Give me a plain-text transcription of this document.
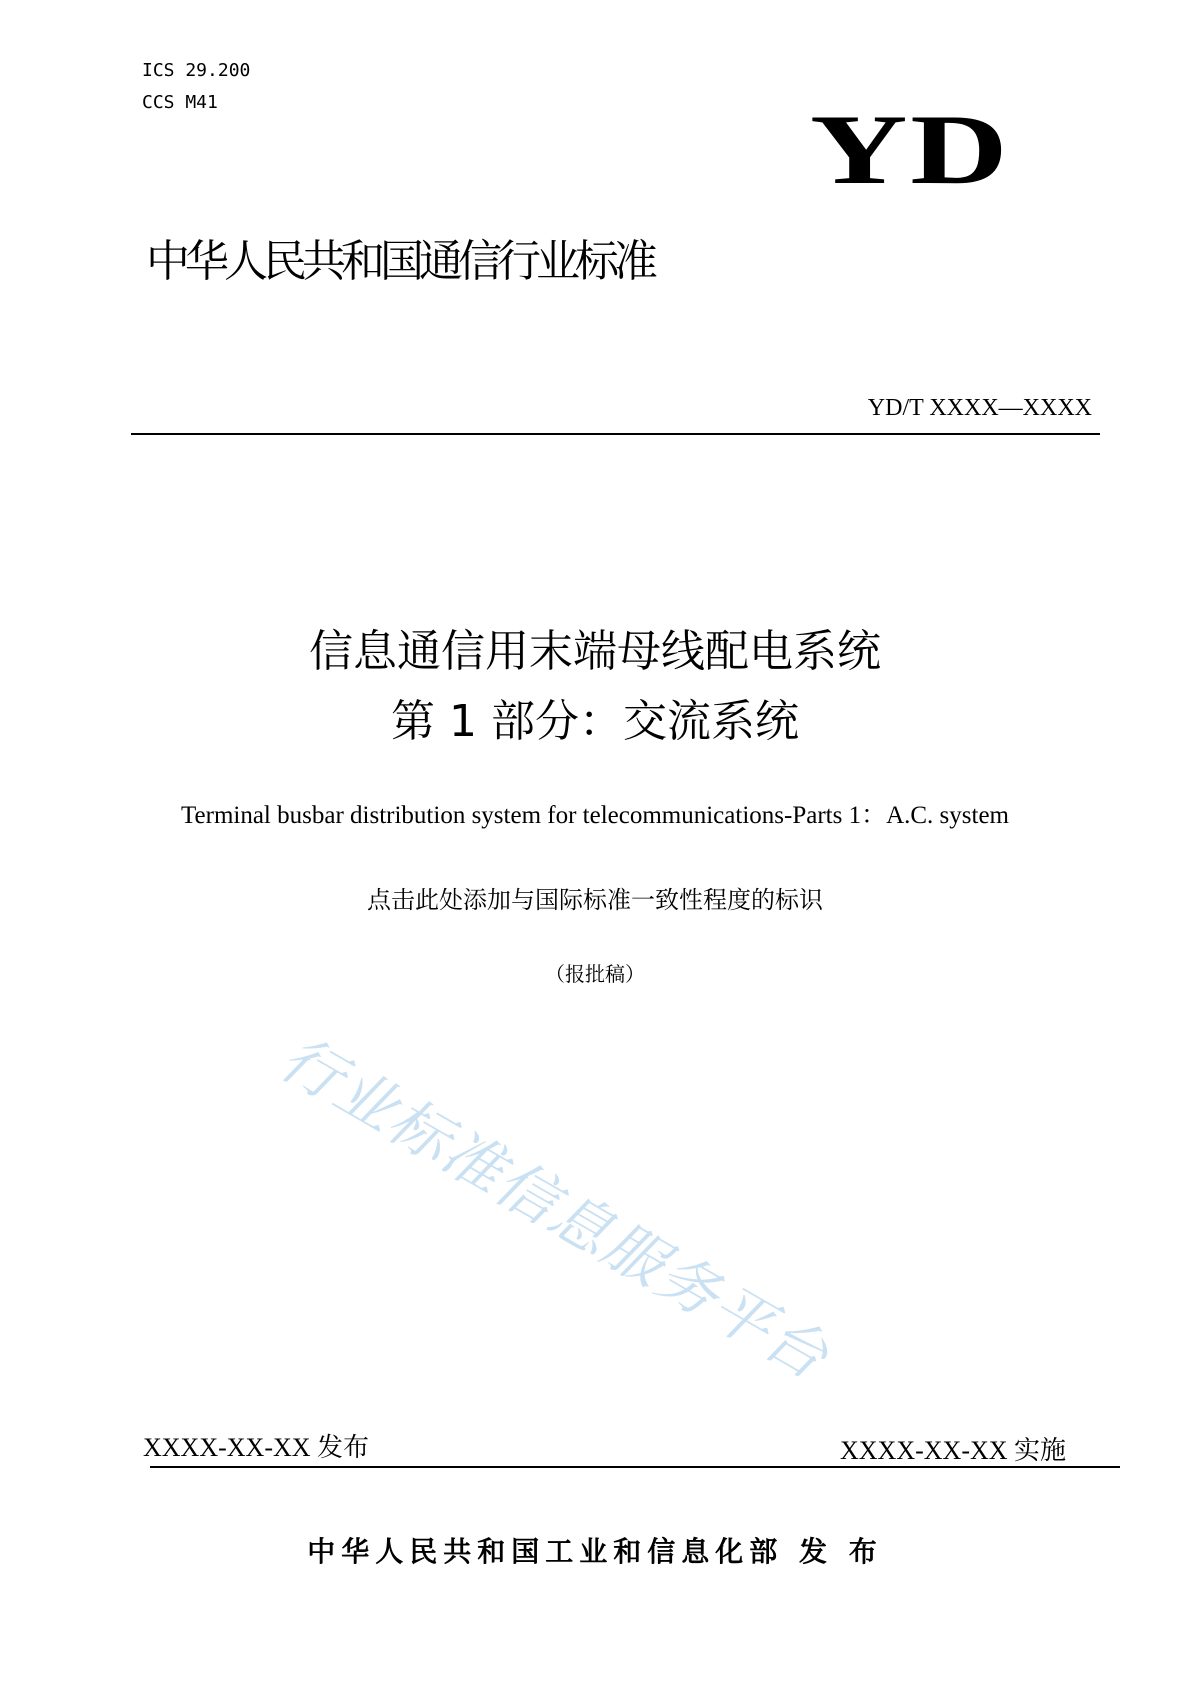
ICS 29.200
CCS M41	YD
中华人民共和国通信行业标准
YD/T XXXX—XXXX
信息通信用末端母线配电系统
第 1 部分：交流系统
Terminal busbar distribution system for telecommunications-Parts 1：A.C. system
点击此处添加与国际标准一致性程度的标识
（报批稿）
行业标准信息服务平台
XXXX-XX-XX 发布	XXXX-XX-XX 实施
中华人民共和国工业和信息化部 发 布
